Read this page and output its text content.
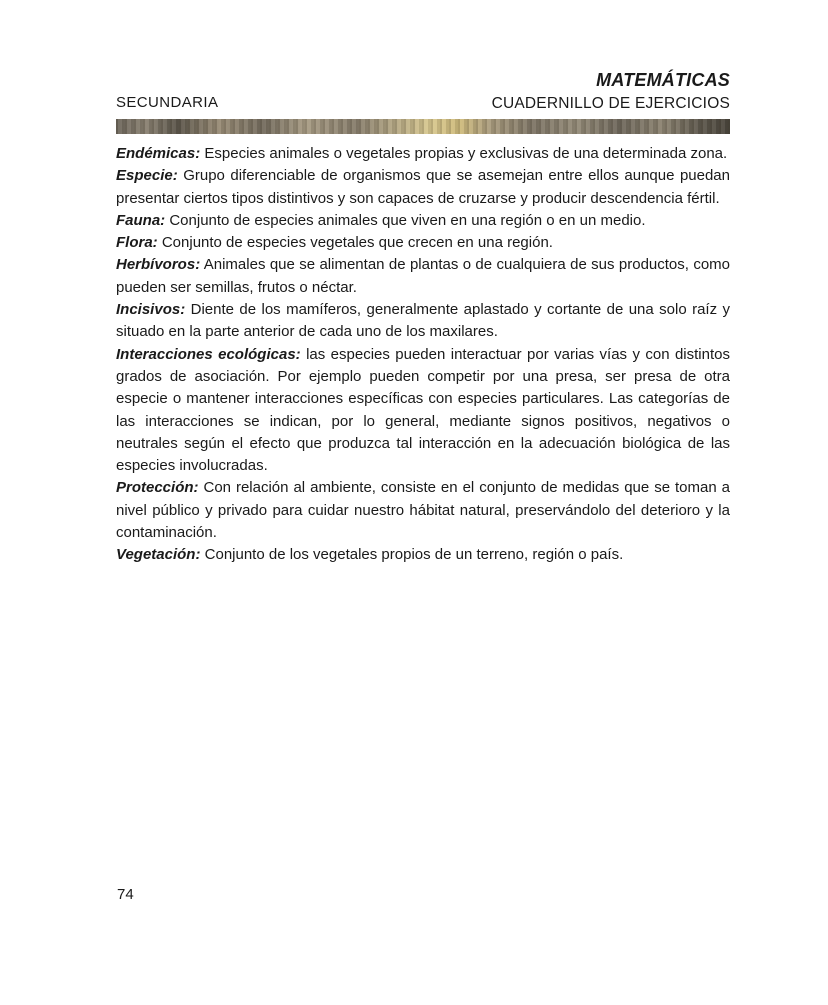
SECUNDARIA
MATEMÁTICAS
CUADERNILLO DE EJERCICIOS

Endémicas: Especies animales o vegetales propias y exclusivas de una determinada zona.

Especie: Grupo diferenciable de organismos que se asemejan entre ellos aunque puedan presentar ciertos tipos distintivos y son capaces de cruzarse y producir descendencia fértil.

Fauna: Conjunto de especies animales que viven en una región o en un medio.

Flora: Conjunto de especies vegetales que crecen en una región.

Herbívoros: Animales que se alimentan de plantas o de cualquiera de sus productos, como pueden ser semillas, frutos o néctar.

Incisivos: Diente de los mamíferos, generalmente aplastado y cortante de una solo raíz y situado en la parte anterior de cada uno de los maxilares.

Interacciones ecológicas: las especies pueden interactuar por varias vías y con distintos grados de asociación. Por ejemplo pueden competir por una presa, ser presa de otra especie o mantener interacciones específicas con especies particulares. Las categorías de las interacciones se indican, por lo general, mediante signos positivos, negativos o neutrales según el efecto que produzca tal interacción en la adecuación biológica de las especies involucradas.

Protección: Con relación al ambiente, consiste en el conjunto de medidas que se toman a nivel público y privado para cuidar nuestro hábitat natural, preservándolo del deterioro y la contaminación.

Vegetación: Conjunto de los vegetales propios de un terreno, región o país.

74
